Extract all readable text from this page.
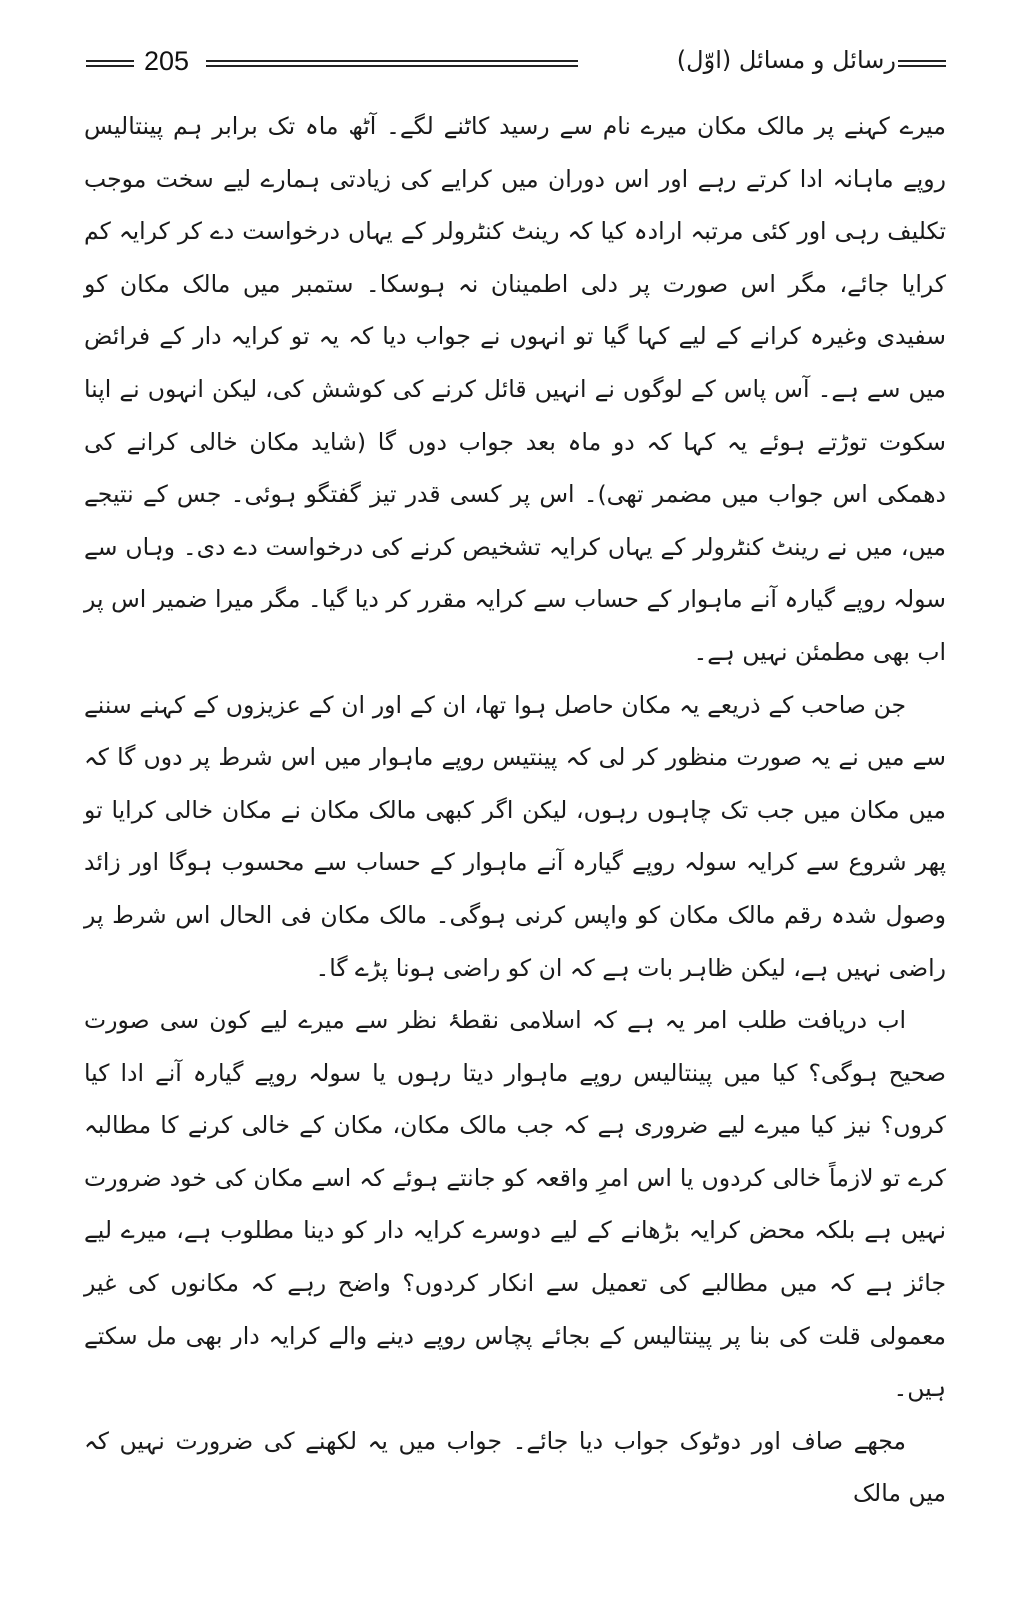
205	رسائل و مسائل (اوّل)

میرے کہنے پر مالک مکان میرے نام سے رسید کاٹنے لگے۔ آٹھ ماہ تک برابر ہم پینتالیس روپے ماہانہ ادا کرتے رہے اور اس دوران میں کرایے کی زیادتی ہمارے لیے سخت موجب تکلیف رہی اور کئی مرتبہ ارادہ کیا کہ رینٹ کنٹرولر کے یہاں درخواست دے کر کرایہ کم کرایا جائے، مگر اس صورت پر دلی اطمینان نہ ہوسکا۔ ستمبر میں مالک مکان کو سفیدی وغیرہ کرانے کے لیے کہا گیا تو انہوں نے جواب دیا کہ یہ تو کرایہ دار کے فرائض میں سے ہے۔ آس پاس کے لوگوں نے انہیں قائل کرنے کی کوشش کی، لیکن انہوں نے اپنا سکوت توڑتے ہوئے یہ کہا کہ دو ماہ بعد جواب دوں گا (شاید مکان خالی کرانے کی دھمکی اس جواب میں مضمر تھی)۔ اس پر کسی قدر تیز گفتگو ہوئی۔ جس کے نتیجے میں، میں نے رینٹ کنٹرولر کے یہاں کرایہ تشخیص کرنے کی درخواست دے دی۔ وہاں سے سولہ روپے گیارہ آنے ماہوار کے حساب سے کرایہ مقرر کر دیا گیا۔ مگر میرا ضمیر اس پر اب بھی مطمئن نہیں ہے۔

جن صاحب کے ذریعے یہ مکان حاصل ہوا تھا، ان کے اور ان کے عزیزوں کے کہنے سننے سے میں نے یہ صورت منظور کر لی کہ پینتیس روپے ماہوار میں اس شرط پر دوں گا کہ میں مکان میں جب تک چاہوں رہوں، لیکن اگر کبھی مالک مکان نے مکان خالی کرایا تو پھر شروع سے کرایہ سولہ روپے گیارہ آنے ماہوار کے حساب سے محسوب ہوگا اور زائد وصول شدہ رقم مالک مکان کو واپس کرنی ہوگی۔ مالک مکان فی الحال اس شرط پر راضی نہیں ہے، لیکن ظاہر بات ہے کہ ان کو راضی ہونا پڑے گا۔

اب دریافت طلب امر یہ ہے کہ اسلامی نقطۂ نظر سے میرے لیے کون سی صورت صحیح ہوگی؟ کیا میں پینتالیس روپے ماہوار دیتا رہوں یا سولہ روپے گیارہ آنے ادا کیا کروں؟ نیز کیا میرے لیے ضروری ہے کہ جب مالک مکان، مکان کے خالی کرنے کا مطالبہ کرے تو لازماً خالی کردوں یا اس امرِ واقعہ کو جانتے ہوئے کہ اسے مکان کی خود ضرورت نہیں ہے بلکہ محض کرایہ بڑھانے کے لیے دوسرے کرایہ دار کو دینا مطلوب ہے، میرے لیے جائز ہے کہ میں مطالبے کی تعمیل سے انکار کردوں؟ واضح رہے کہ مکانوں کی غیر معمولی قلت کی بنا پر پینتالیس کے بجائے پچاس روپے دینے والے کرایہ دار بھی مل سکتے ہیں۔

مجھے صاف اور دوٹوک جواب دیا جائے۔ جواب میں یہ لکھنے کی ضرورت نہیں کہ میں مالک
